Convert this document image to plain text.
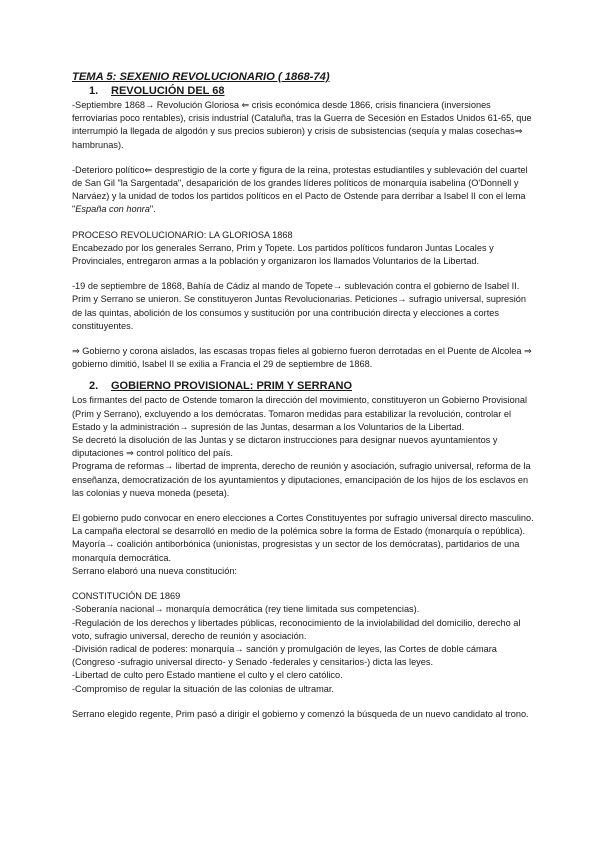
TEMA 5: SEXENIO REVOLUCIONARIO ( 1868-74)

1. REVOLUCIÓN DEL 68

-Septiembre 1868→ Revolución Gloriosa ⇐ crisis económica desde 1866, crisis financiera (inversiones ferroviarias poco rentables), crisis industrial (Cataluña, tras la Guerra de Secesión en Estados Unidos 61-65, que interrumpió la llegada de algodón y sus precios subieron) y crisis de subsistencias (sequía y malas cosechas⇒ hambrunas).

-Deterioro político⇐ desprestigio de la corte y figura de la reina, protestas estudiantiles y sublevación del cuartel de San Gil "la Sargentada", desaparición de los grandes líderes políticos de monarquía isabelina (O'Donnell y Narváez) y la unidad de todos los partidos políticos en el Pacto de Ostende para derribar a Isabel II con el lema "España con honra".

PROCESO REVOLUCIONARIO: LA GLORIOSA 1868

Encabezado por los generales Serrano, Prim y Topete. Los partidos políticos fundaron Juntas Locales y Provinciales, entregaron armas a la población y organizaron los llamados Voluntarios de la Libertad.

-19 de septiembre de 1868, Bahía de Cádiz al mando de Topete→ sublevación contra el gobierno de Isabel II. Prim y Serrano se unieron. Se constituyeron Juntas Revolucionarias. Peticiones→ sufragio universal, supresión de las quintas, abolición de los consumos y sustitución por una contribución directa y elecciones a cortes constituyentes.

⇒ Gobierno y corona aislados, las escasas tropas fieles al gobierno fueron derrotadas en el Puente de Alcolea ⇒ gobierno dimitió, Isabel II se exilia a Francia el 29 de septiembre de 1868.

2. GOBIERNO PROVISIONAL: PRIM Y SERRANO

Los firmantes del pacto de Ostende tomaron la dirección del movimiento, constituyeron un Gobierno Provisional (Prim y Serrano), excluyendo a los demócratas. Tomaron medidas para estabilizar la revolución, controlar el Estado y la administración→ supresión de las Juntas, desarman a los Voluntarios de la Libertad.

Se decretó la disolución de las Juntas y se dictaron instrucciones para designar nuevos ayuntamientos y diputaciones ⇒ control político del país.

Programa de reformas→ libertad de imprenta, derecho de reunión y asociación, sufragio universal, reforma de la enseñanza, democratización de los ayuntamientos y diputaciones, emancipación de los hijos de los esclavos en las colonias y nueva moneda (peseta).

El gobierno pudo convocar en enero elecciones a Cortes Constituyentes por sufragio universal directo masculino. La campaña electoral se desarrolló en medio de la polémica sobre la forma de Estado (monarquía o república). Mayoría→ coalición antiborbónica (unionistas, progresistas y un sector de los demócratas), partidarios de una monarquía democrática.

Serrano elaboró una nueva constitución:

CONSTITUCIÓN DE 1869

-Soberanía nacional→ monarquía democrática (rey tiene limitada sus competencias).

-Regulación de los derechos y libertades públicas, reconocimiento de la inviolabilidad del domicilio, derecho al voto, sufragio universal, derecho de reunión y asociación.

-División radical de poderes: monarquía→ sanción y promulgación de leyes, las Cortes de doble cámara (Congreso -sufragio universal directo- y Senado -federales y censitarios-) dicta las leyes.

-Libertad de culto pero Estado mantiene el culto y el clero católico.

-Compromiso de regular la situación de las colonias de ultramar.

Serrano elegido regente, Prim pasó a dirigir el gobierno y comenzó la búsqueda de un nuevo candidato al trono.
